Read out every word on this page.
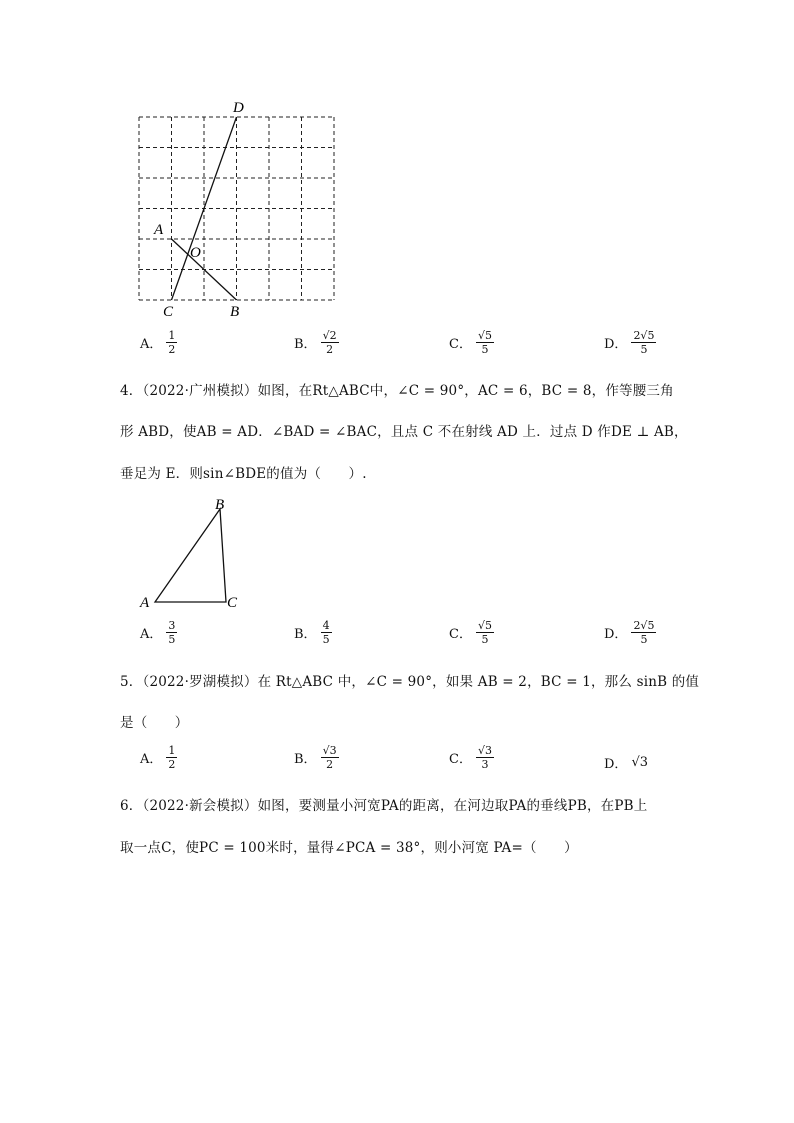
D
A
O
C	B
A． $\frac{1}{2}$	B． $\frac{√2}{2}$	C． $\frac{√5}{5}$	D． $\frac{2√5}{5}$
4．（2022·广州模拟）如图，在Rt△ABC中，∠C = 90°，AC = 6，BC = 8，作等腰三角
形 ABD，使AB = AD．∠BAD = ∠BAC，且点 C 不在射线 AD 上．过点 D 作DE ⊥ AB，
垂足为 E．则sin∠BDE的值为（　　）.
B
A	C
A． $\frac{3}{5}$	B． $\frac{4}{5}$	C． $\frac{√5}{5}$	D． $\frac{2√5}{5}$
5．（2022·罗湖模拟）在 Rt△ABC 中，∠C = 90°，如果 AB = 2，BC = 1，那么 sinB 的值
是（　　）
A． $\frac{1}{2}$	B． $\frac{√3}{2}$	C． $\frac{√3}{3}$	D． √3
6．（2022·新会模拟）如图，要测量小河宽PA的距离，在河边取PA的垂线PB，在PB上
取一点C，使PC = 100米时，量得∠PCA = 38°，则小河宽 PA=（　　）
